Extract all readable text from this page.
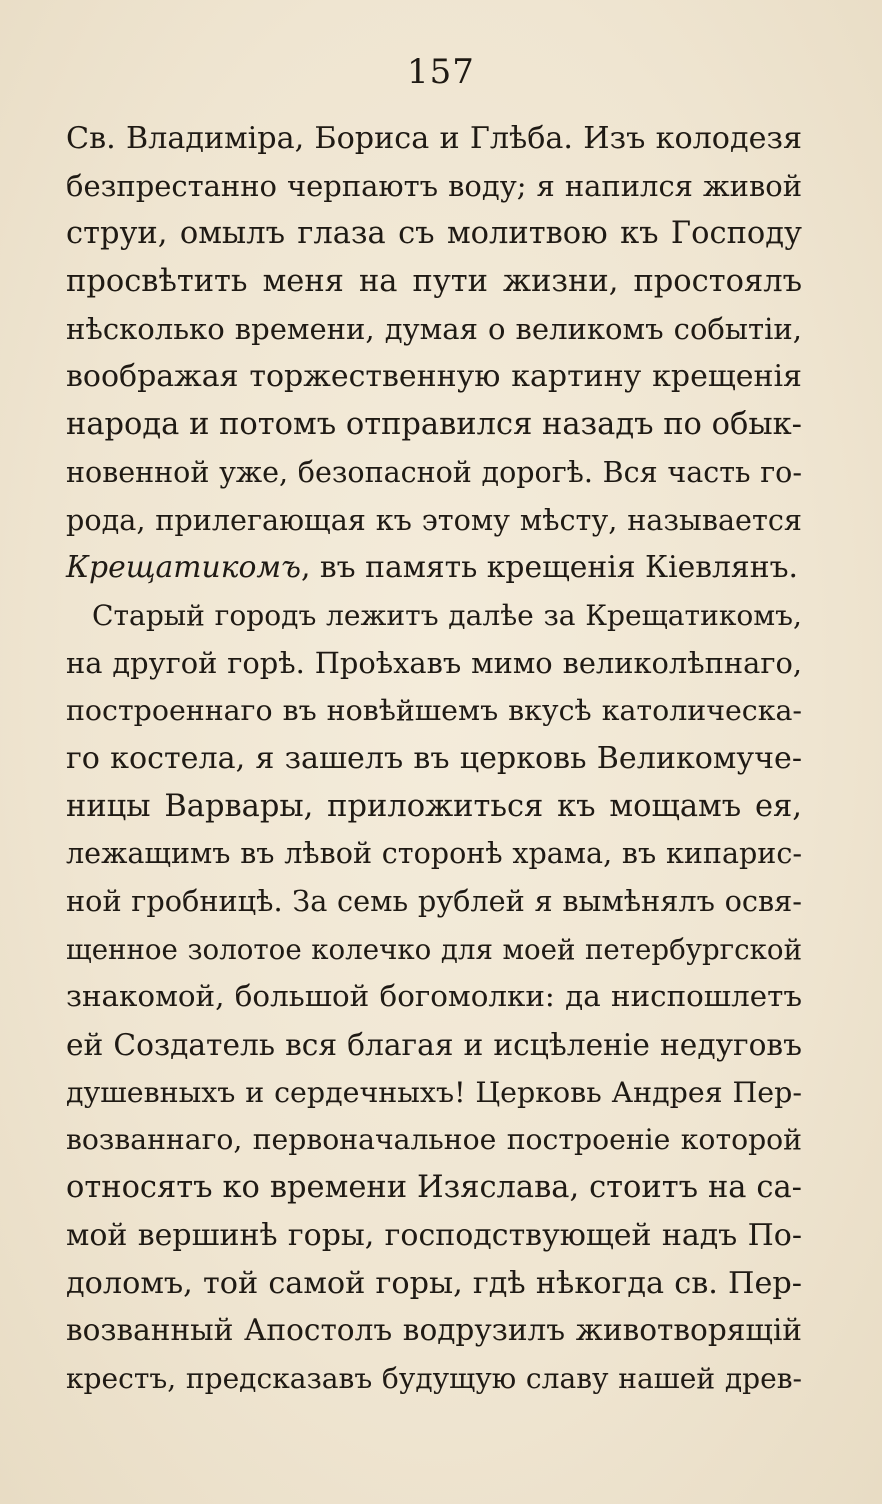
157
Св. Владимiра, Бориса и Глѣба. Изъ колодезя
безпрестанно черпаютъ воду; я напился живой
струи, омылъ глаза съ молитвою къ Господу
просвѣтить меня на пути жизни, простоялъ
нѣсколько времени, думая о великомъ событiи,
воображая торжественную картину крещенiя
народа и потомъ отправился назадъ по обык-
новенной уже, безопасной дорогѣ. Вся часть го-
рода, прилегающая къ этому мѣсту, называется
Крещатикомъ, въ память крещенiя Кiевлянъ.
Старый городъ лежитъ далѣе за Крещатикомъ,
на другой горѣ. Проѣхавъ мимо великолѣпнаго,
построеннаго въ новѣйшемъ вкусѣ католическа-
го костела, я зашелъ въ церковь Великомуче-
ницы Варвары, приложиться къ мощамъ ея,
лежащимъ въ лѣвой сторонѣ храма, въ кипарис-
ной гробницѣ. За семь рублей я вымѣнялъ освя-
щенное золотое колечко для моей петербургской
знакомой, большой богомолки: да ниспошлетъ
ей Создатель вся благая и исцѣленiе недуговъ
душевныхъ и сердечныхъ! Церковь Андрея Пер-
возваннаго, первоначальное построенiе которой
относятъ ко времени Изяслава, стоитъ на са-
мой вершинѣ горы, господствующей надъ По-
доломъ, той самой горы, гдѣ нѣкогда св. Пер-
возванный Апостолъ водрузилъ животворящiй
крестъ, предсказавъ будущую славу нашей древ-
